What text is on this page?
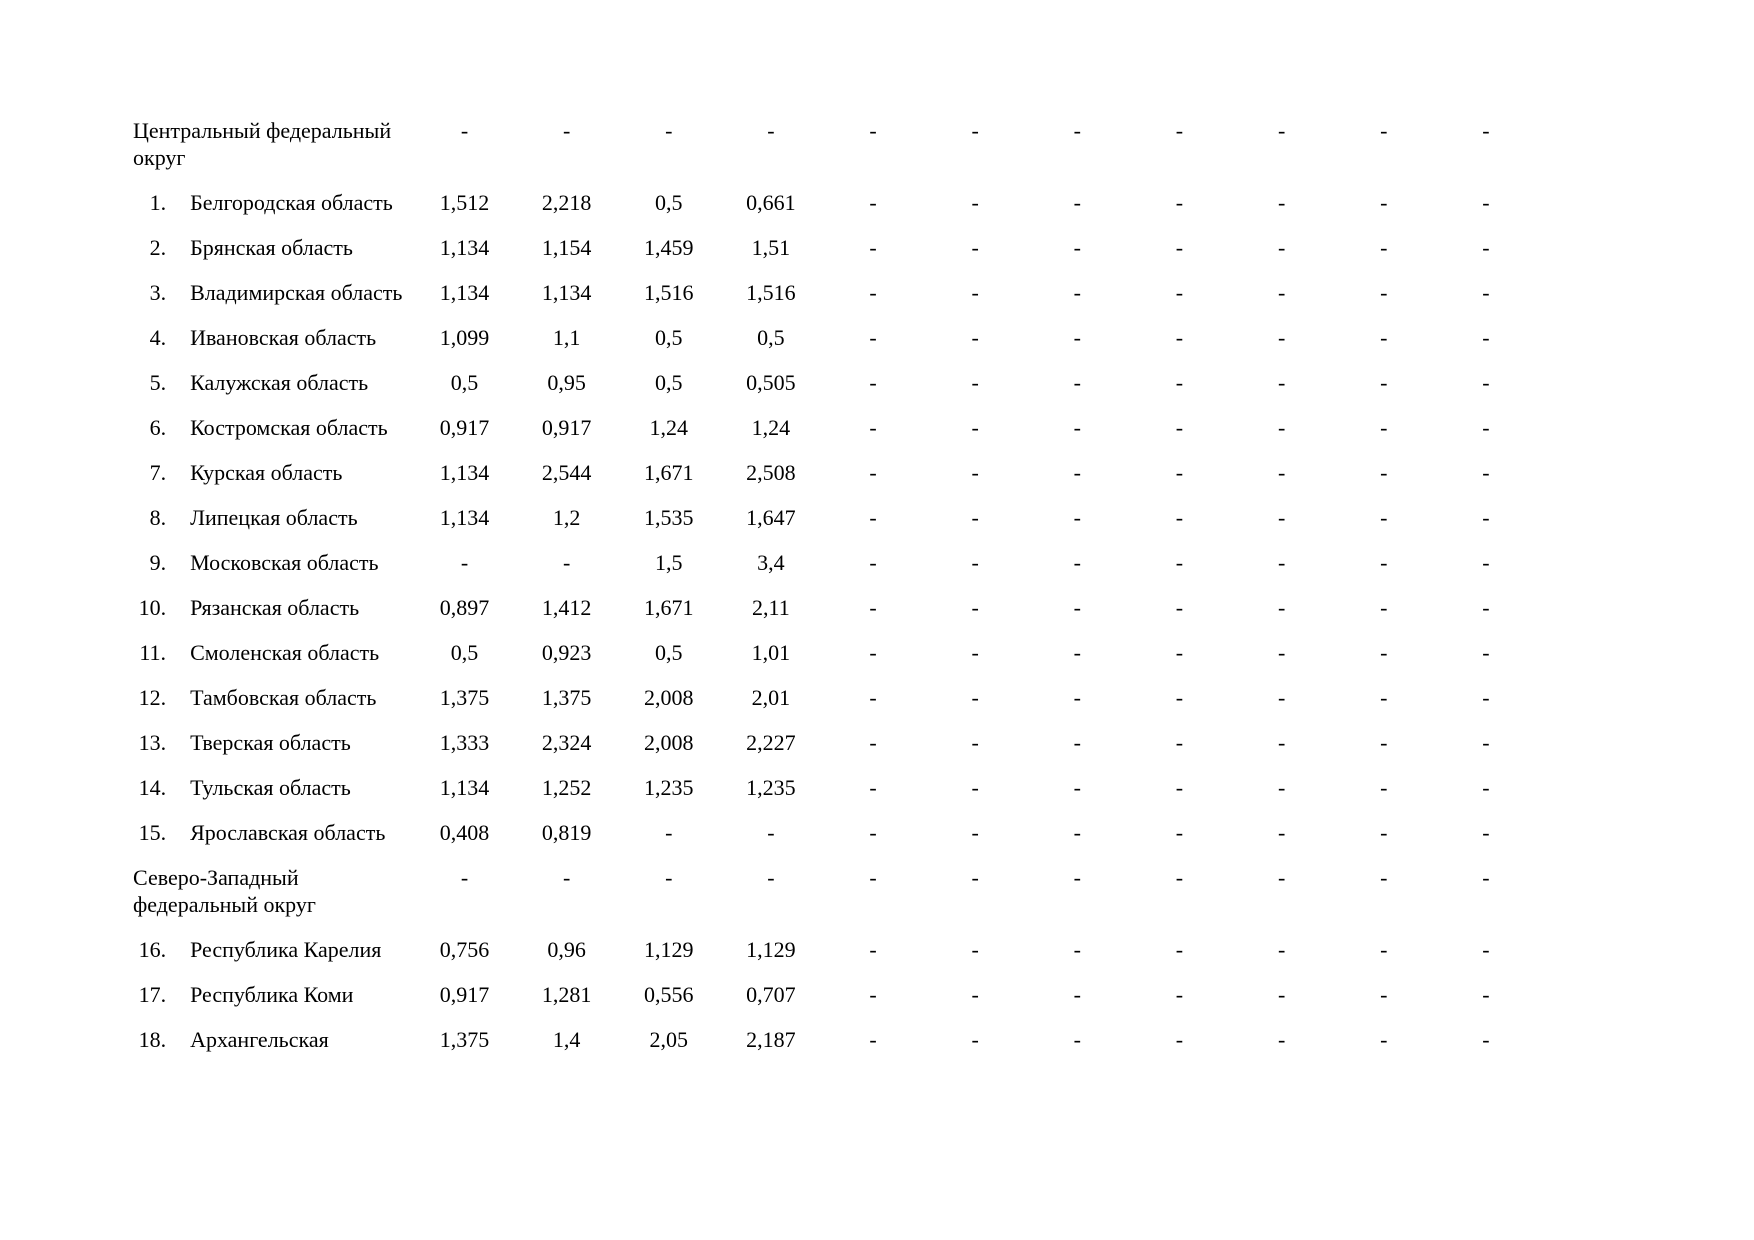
Центральный федеральный округ		-	-	-	-	-	-	-	-	-	-	-
1.	Белгородская область	1,512	2,218	0,5	0,661	-	-	-	-	-	-	-
2.	Брянская область	1,134	1,154	1,459	1,51	-	-	-	-	-	-	-
3.	Владимирская область	1,134	1,134	1,516	1,516	-	-	-	-	-	-	-
4.	Ивановская область	1,099	1,1	0,5	0,5	-	-	-	-	-	-	-
5.	Калужская область	0,5	0,95	0,5	0,505	-	-	-	-	-	-	-
6.	Костромская область	0,917	0,917	1,24	1,24	-	-	-	-	-	-	-
7.	Курская область	1,134	2,544	1,671	2,508	-	-	-	-	-	-	-
8.	Липецкая область	1,134	1,2	1,535	1,647	-	-	-	-	-	-	-
9.	Московская область	-	-	1,5	3,4	-	-	-	-	-	-	-
10.	Рязанская область	0,897	1,412	1,671	2,11	-	-	-	-	-	-	-
11.	Смоленская область	0,5	0,923	0,5	1,01	-	-	-	-	-	-	-
12.	Тамбовская область	1,375	1,375	2,008	2,01	-	-	-	-	-	-	-
13.	Тверская область	1,333	2,324	2,008	2,227	-	-	-	-	-	-	-
14.	Тульская область	1,134	1,252	1,235	1,235	-	-	-	-	-	-	-
15.	Ярославская область	0,408	0,819	-	-	-	-	-	-	-	-	-
Северо-Западный федеральный округ		-	-	-	-	-	-	-	-	-	-	-
16.	Республика Карелия	0,756	0,96	1,129	1,129	-	-	-	-	-	-	-
17.	Республика Коми	0,917	1,281	0,556	0,707	-	-	-	-	-	-	-
18.	Архангельская	1,375	1,4	2,05	2,187	-	-	-	-	-	-	-
